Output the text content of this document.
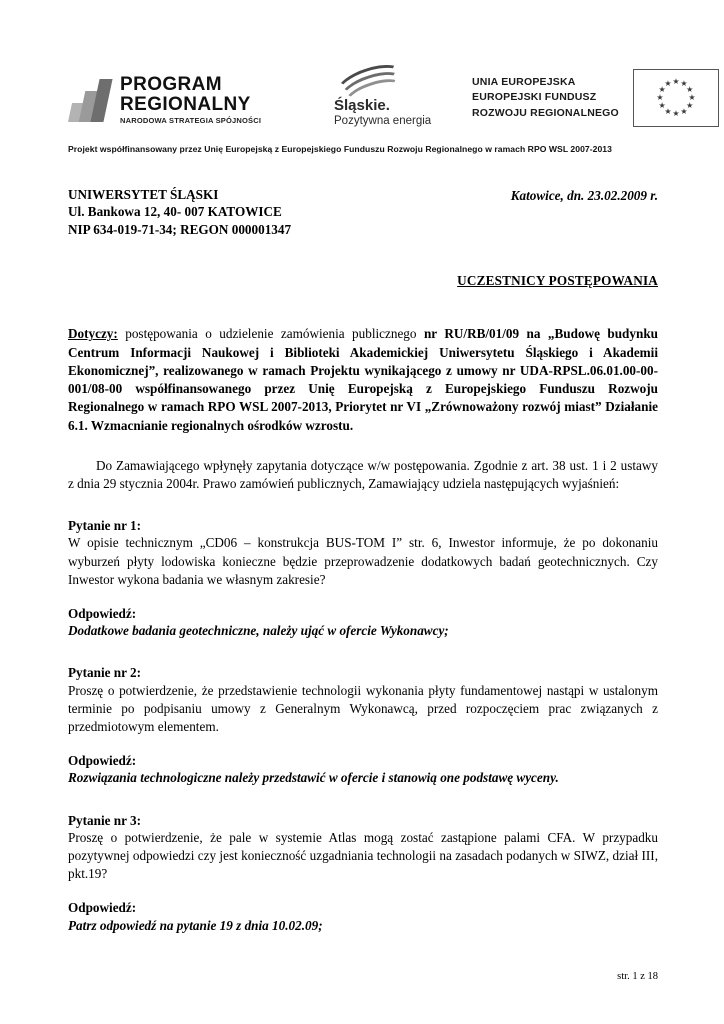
PROGRAM
REGIONALNY
NARODOWA STRATEGIA SPÓJNOŚCI
Śląskie.
Pozytywna energia
UNIA EUROPEJSKA
EUROPEJSKI FUNDUSZ
ROZWOJU REGIONALNEGO
★ ★
★
★
★
★
★
★
★
★
★
★
Projekt współfinansowany przez Unię Europejską z Europejskiego Funduszu Rozwoju Regionalnego w ramach RPO WSL 2007-2013
UNIWERSYTET ŚLĄSKI
Ul. Bankowa 12, 40- 007 KATOWICE
NIP 634-019-71-34; REGON 000001347
Katowice, dn. 23.02.2009 r.
UCZESTNICY POSTĘPOWANIA
Dotyczy: postępowania o udzielenie zamówienia publicznego nr RU/RB/01/09 na „Budowę budynku Centrum Informacji Naukowej i Biblioteki Akademickiej Uniwersytetu Śląskiego i Akademii Ekonomicznej”, realizowanego w ramach Projektu wynikającego z umowy nr UDA-RPSL.06.01.00-00-001/08-00 współfinansowanego przez Unię Europejską z Europejskiego Funduszu Rozwoju Regionalnego w ramach RPO WSL 2007-2013, Priorytet nr VI „Zrównoważony rozwój miast” Działanie 6.1. Wzmacnianie regionalnych ośrodków wzrostu.
Do Zamawiającego wpłynęły zapytania dotyczące w/w postępowania. Zgodnie z art. 38 ust. 1 i 2 ustawy z dnia 29 stycznia 2004r. Prawo zamówień publicznych, Zamawiający udziela następujących wyjaśnień:
Pytanie nr 1:
W opisie technicznym „CD06 – konstrukcja BUS-TOM I” str. 6, Inwestor informuje, że po dokonaniu wyburzeń płyty lodowiska konieczne będzie przeprowadzenie dodatkowych badań geotechnicznych. Czy Inwestor wykona badania we własnym zakresie?
Odpowiedź:
Dodatkowe badania geotechniczne, należy ująć w ofercie Wykonawcy;
Pytanie nr 2:
Proszę o potwierdzenie, że przedstawienie technologii wykonania płyty fundamentowej nastąpi w ustalonym terminie po podpisaniu umowy z Generalnym Wykonawcą, przed rozpoczęciem prac związanych z przedmiotowym elementem.
Odpowiedź:
Rozwiązania technologiczne należy przedstawić w ofercie i stanowią one podstawę wyceny.
Pytanie nr 3:
Proszę o potwierdzenie, że pale w systemie Atlas mogą zostać zastąpione palami CFA. W przypadku pozytywnej odpowiedzi czy jest konieczność uzgadniania technologii na zasadach podanych w SIWZ, dział III, pkt.19?
Odpowiedź:
Patrz odpowiedź na pytanie 19 z dnia 10.02.09;
str. 1 z 18
